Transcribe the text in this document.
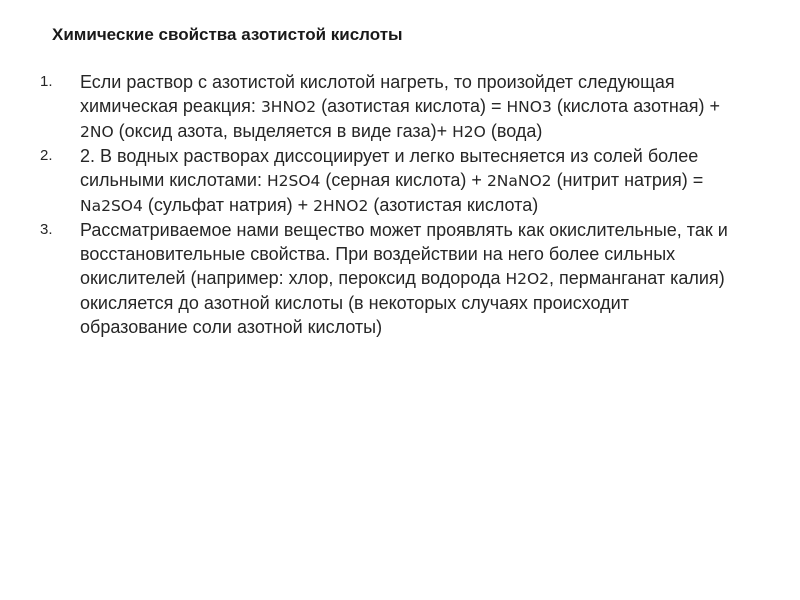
Химические свойства азотистой кислоты
1. Если раствор с азотистой кислотой нагреть, то произойдет следующая химическая реакция: 3HNO2 (азотистая кислота) = HNO3 (кислота азотная) + 2NO (оксид азота, выделяется в виде газа)+ H2O (вода)
2. 2. В водных растворах диссоциирует и легко вытесняется из солей более сильными кислотами: H2SO4 (серная кислота) + 2NaNO2 (нитрит натрия) = Na2SO4 (сульфат натрия) + 2HNO2 (азотистая кислота)
3. Рассматриваемое нами вещество может проявлять как окислительные, так и восстановительные свойства. При воздействии на него более сильных окислителей (например: хлор, пероксид водорода H2O2, перманганат калия) окисляется до азотной кислоты (в некоторых случаях происходит образование соли азотной кислоты)
